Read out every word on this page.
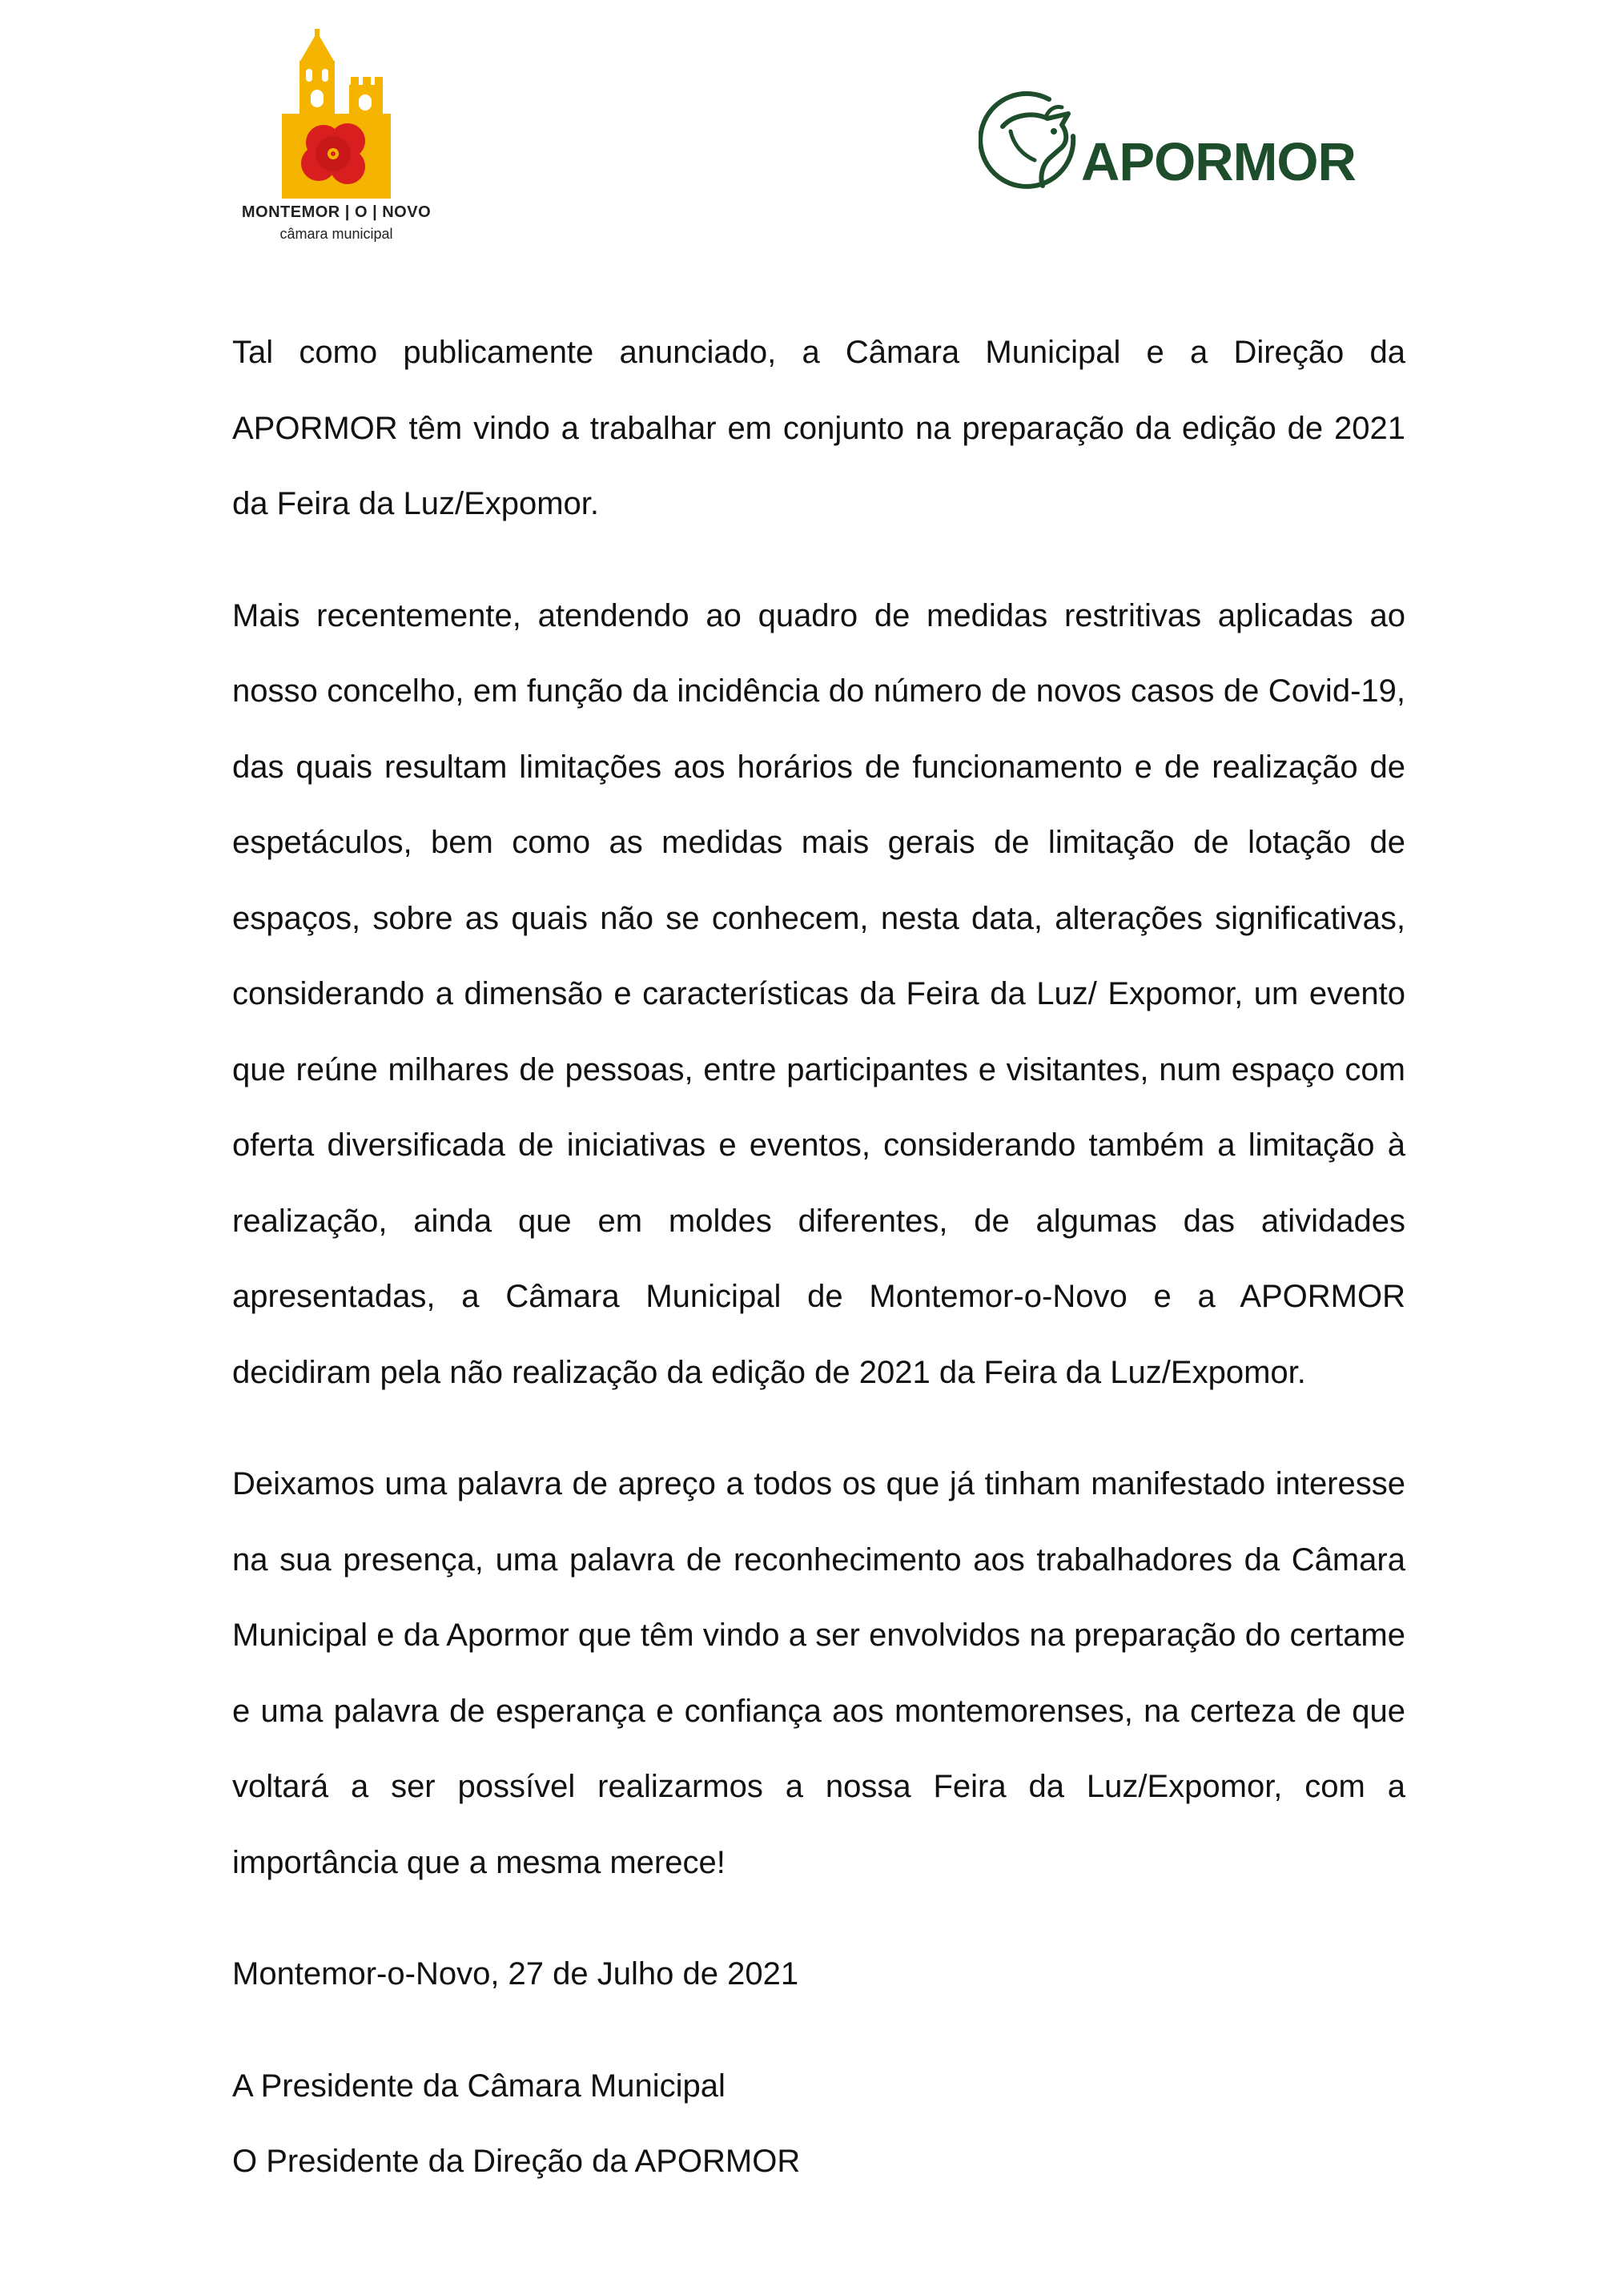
MONTEMOR | O | NOVO
câmara municipal
APORMOR

Tal como publicamente anunciado, a Câmara Municipal e a Direção da APORMOR têm vindo a trabalhar em conjunto na preparação da edição de 2021 da Feira da Luz/Expomor.

Mais recentemente, atendendo ao quadro de medidas restritivas aplicadas ao nosso concelho, em função da incidência do número de novos casos de Covid-19, das quais resultam limitações aos horários de funcionamento e de realização de espetáculos, bem como as medidas mais gerais de limitação de lotação de espaços, sobre as quais não se conhecem, nesta data, alterações significativas, considerando a dimensão e características da Feira da Luz/ Expomor, um evento que reúne milhares de pessoas, entre participantes e visitantes, num espaço com oferta diversificada de iniciativas e eventos, considerando também a limitação à realização, ainda que em moldes diferentes, de algumas das atividades apresentadas, a Câmara Municipal de Montemor-o-Novo e a APORMOR decidiram pela não realização da edição de 2021 da Feira da Luz/Expomor.

Deixamos uma palavra de apreço a todos os que já tinham manifestado interesse na sua presença, uma palavra de reconhecimento aos trabalhadores da Câmara Municipal e da Apormor que têm vindo a ser envolvidos na preparação do certame e uma palavra de esperança e confiança aos montemorenses, na certeza de que voltará a ser possível realizarmos a nossa Feira da Luz/Expomor, com a importância que a mesma merece!

Montemor-o-Novo, 27 de Julho de 2021

A Presidente da Câmara Municipal

O Presidente da Direção da APORMOR
